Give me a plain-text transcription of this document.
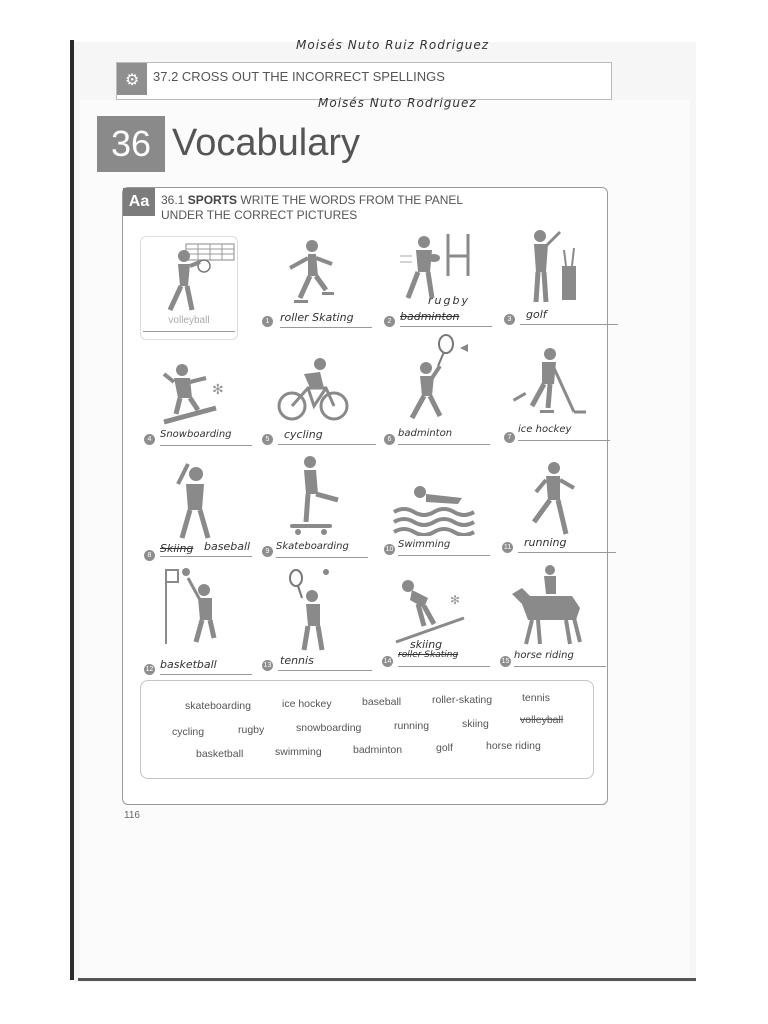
Moisés Nuto Ruiz Rodriguez
⚙ 37.2 CROSS OUT THE INCORRECT SPELLINGS
Moisés Nuto Rodriguez
36 Vocabulary
Aa 36.1 SPORTS WRITE THE WORDS FROM THE PANEL
UNDER THE CORRECT PICTURES
volleyball	1 roller Skating	2
rugby
badminton	3	golf
✻
4 Snowboarding	5	cycling	6
badminton	7
ice hockey
8
Skiing baseball	9 Skateboarding	10 Swimming	11	running
✻
12 basketball	13 tennis	14
skiing
roller Skating
15
horse riding
skateboarding	ice hockey	baseball	roller-skating	tennis
cycling	rugby	snowboarding	running	skiing	volleyball
basketball	swimming	badminton	golf	horse riding
116
